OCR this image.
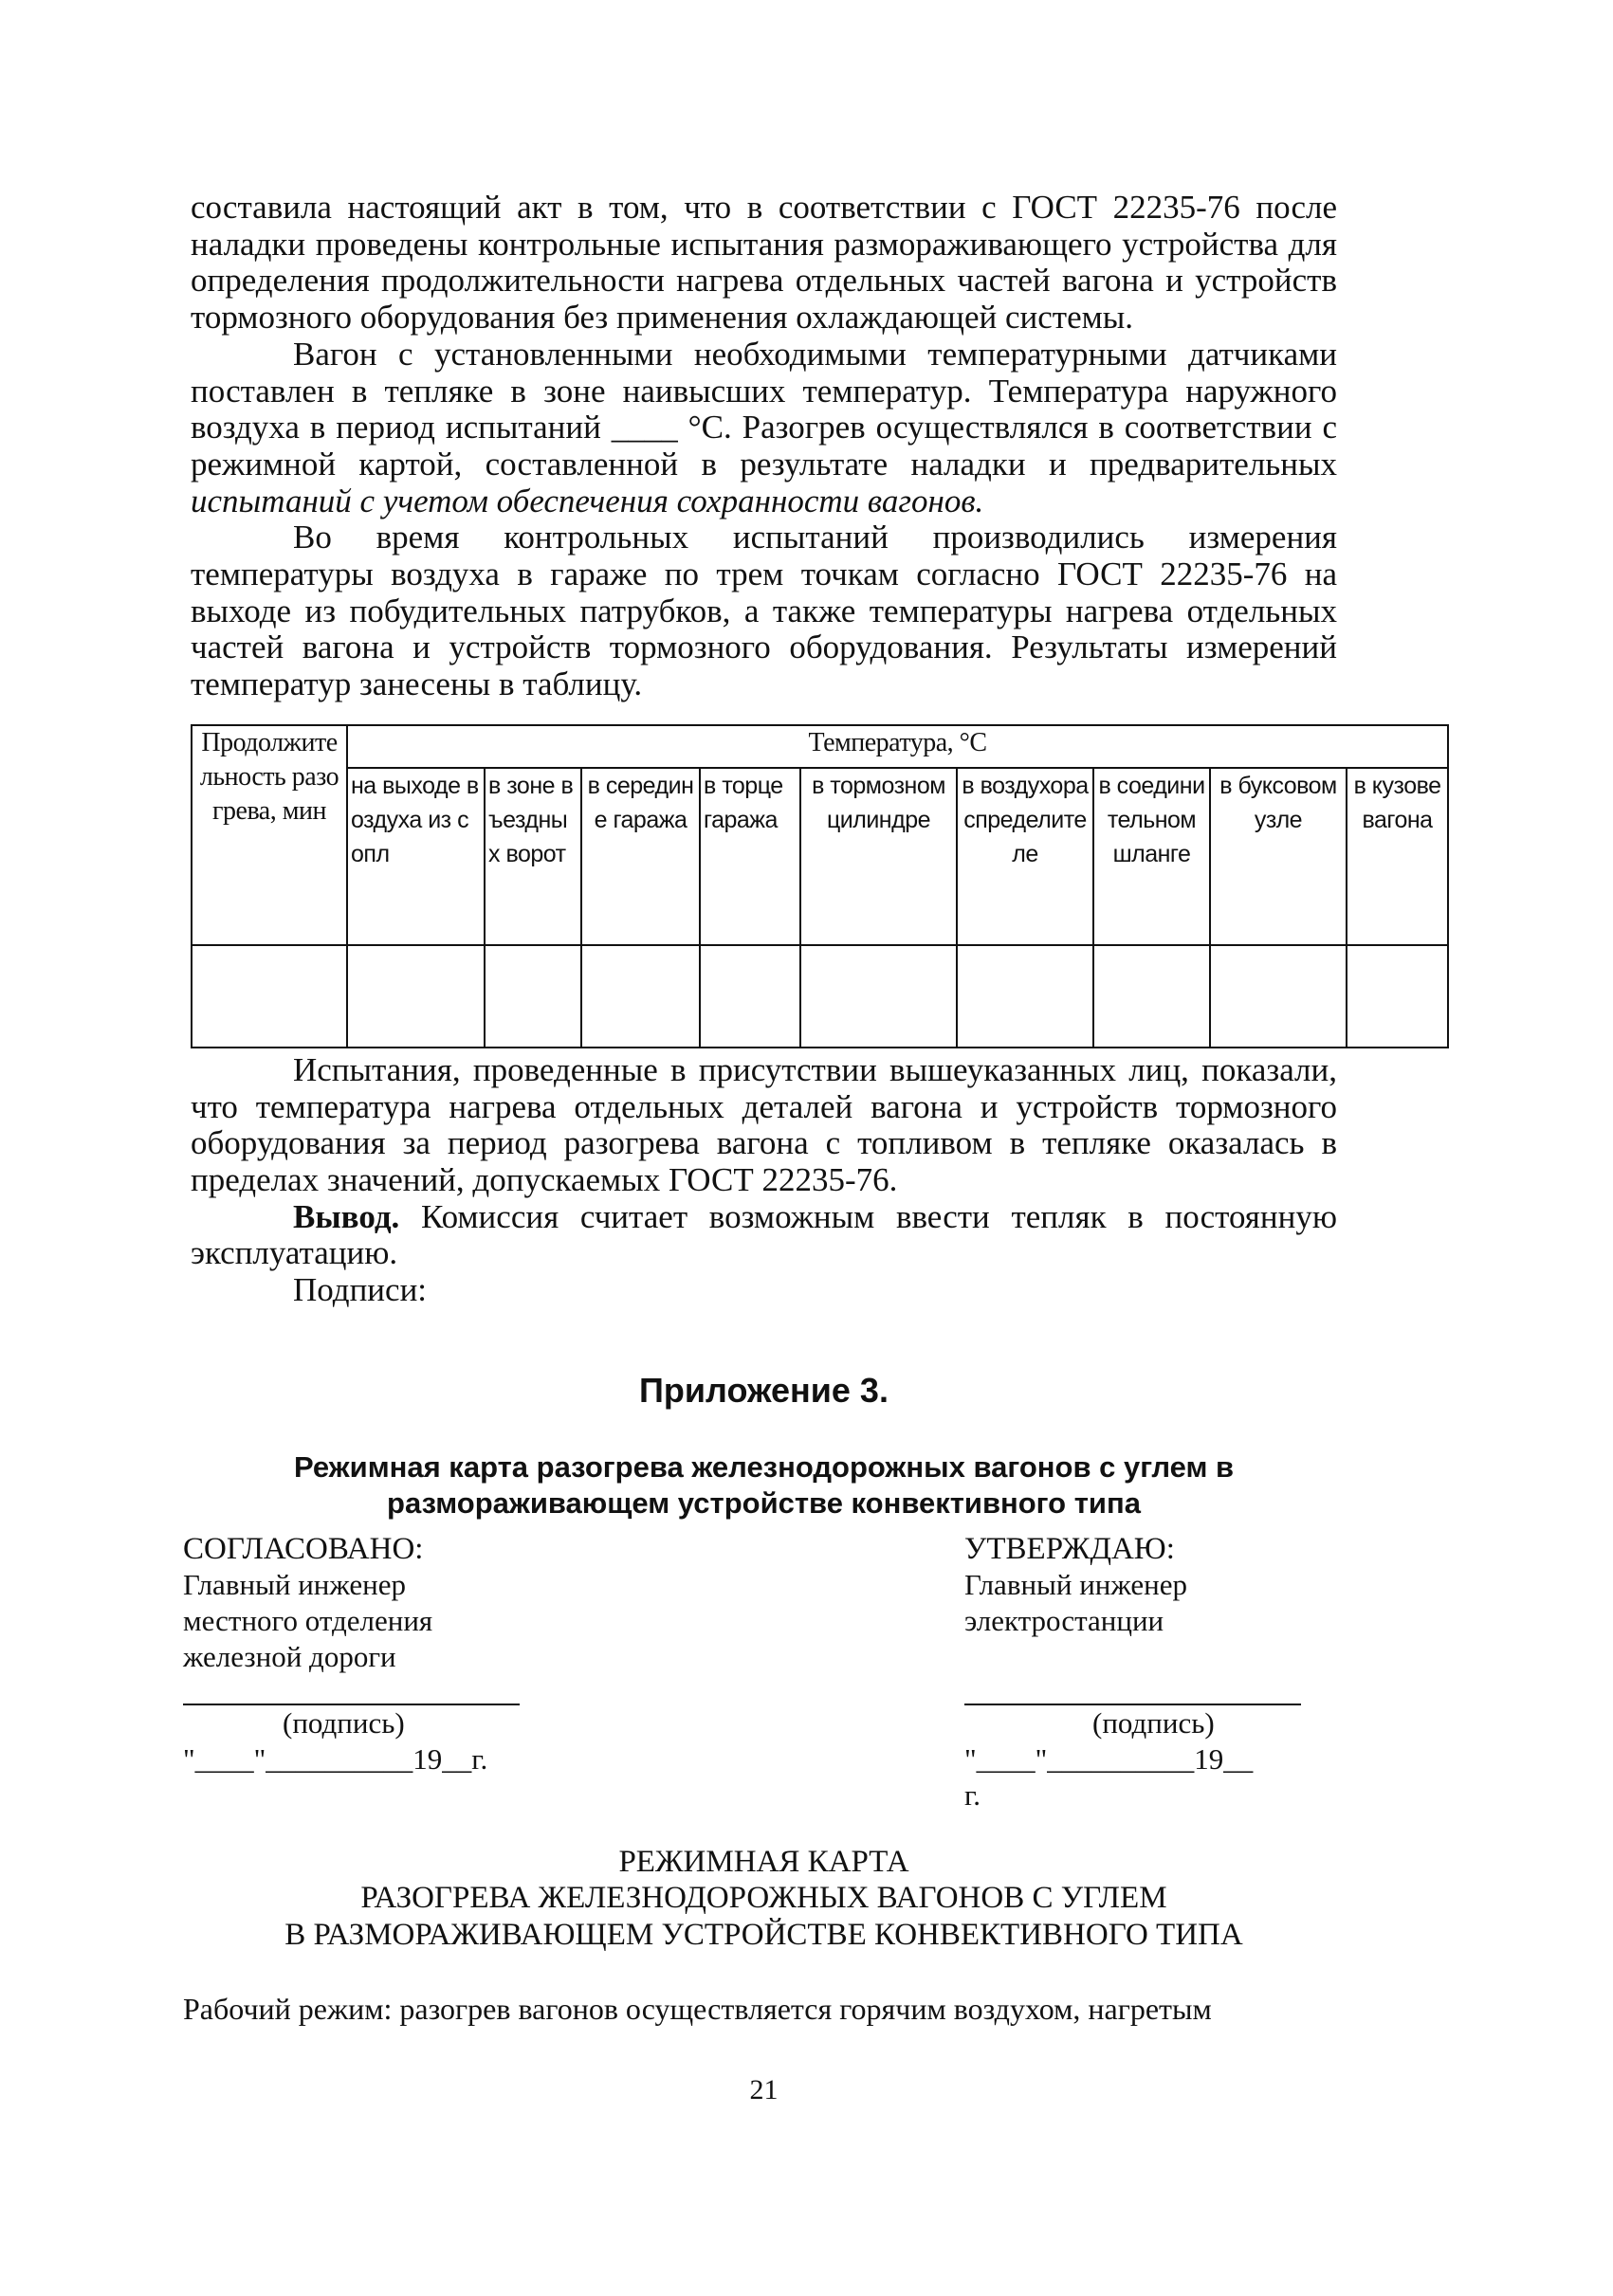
составила настоящий акт в том, что в соответствии с ГОСТ 22235-76 после наладки проведены контрольные испытания размораживающего устройства для определения продолжительности нагрева отдельных частей вагона и устройств тормозного оборудования без применения охлаждающей системы.

Вагон с установленными необходимыми температурными датчиками поставлен в тепляке в зоне наивысших температур. Температура наружного воздуха в период испытаний ____ °С. Разогрев осуществлялся в соответствии с режимной картой, составленной в результате наладки и предварительных испытаний с учетом обеспечения сохранности вагонов.

Во время контрольных испытаний производились измерения температуры воздуха в гараже по трем точкам согласно ГОСТ 22235-76 на выходе из побудительных патрубков, а также температуры нагрева отдельных частей вагона и устройств тормозного оборудования. Результаты измерений температур занесены в таблицу.

Продолжительность разогрева, мин	Температура, °С								
	на выходе воздуха из сопл	в зоне въездных ворот	в середине гаража	в торце гаража	в тормозном цилиндре	в воздухораспределителе	в соединительном шланге	в буксовом узле	в кузове вагона

Испытания, проведенные в присутствии вышеуказанных лиц, показали, что температура нагрева отдельных деталей вагона и устройств тормозного оборудования за период разогрева вагона с топливом в тепляке оказалась в пределах значений, допускаемых ГОСТ 22235-76.

Вывод. Комиссия считает возможным ввести тепляк в постоянную эксплуатацию.

Подписи:

Приложение 3.
Режимная карта разогрева железнодорожных вагонов с углем в
размораживающем устройстве конвективного типа
СОГЛАСОВАНО:
Главный инженер
местного отделения
железной дороги
(подпись)
"____"__________19__г.
УТВЕРЖДАЮ:
Главный инженер
электростанции
(подпись)
"____"__________19__
г.
РЕЖИМНАЯ КАРТА
РАЗОГРЕВА ЖЕЛЕЗНОДОРОЖНЫХ ВАГОНОВ С УГЛЕМ
В РАЗМОРАЖИВАЮЩЕМ УСТРОЙСТВЕ КОНВЕКТИВНОГО ТИПА
Рабочий режим: разогрев вагонов осуществляется горячим воздухом, нагретым
21
